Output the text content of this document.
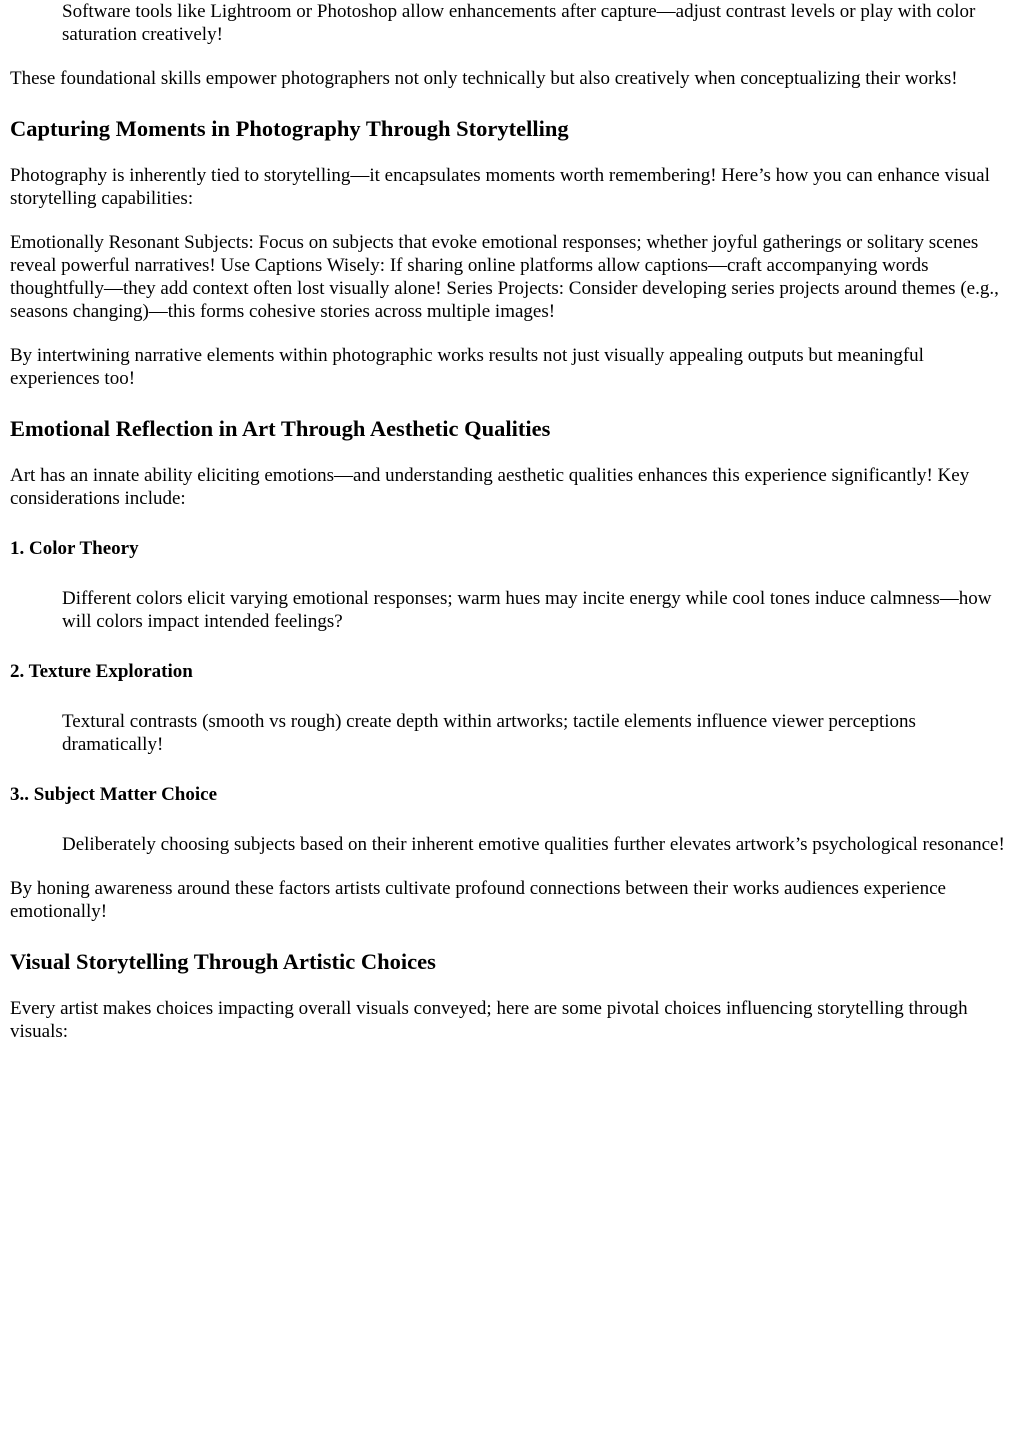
Software tools like Lightroom or Photoshop allow enhancements after capture—adjust contrast levels or play with color saturation creatively!

These foundational skills empower photographers not only technically but also creatively when conceptualizing their works!

Capturing Moments in Photography Through Storytelling

Photography is inherently tied to storytelling—it encapsulates moments worth remembering! Here’s how you can enhance visual storytelling capabilities:

Emotionally Resonant Subjects: Focus on subjects that evoke emotional responses; whether joyful gatherings or solitary scenes reveal powerful narratives! Use Captions Wisely: If sharing online platforms allow captions—craft accompanying words thoughtfully—they add context often lost visually alone! Series Projects: Consider developing series projects around themes (e.g., seasons changing)—this forms cohesive stories across multiple images!

By intertwining narrative elements within photographic works results not just visually appealing outputs but meaningful experiences too!

Emotional Reflection in Art Through Aesthetic Qualities

Art has an innate ability eliciting emotions—and understanding aesthetic qualities enhances this experience significantly! Key considerations include:

1. Color Theory

Different colors elicit varying emotional responses; warm hues may incite energy while cool tones induce calmness—how will colors impact intended feelings?

2. Texture Exploration

Textural contrasts (smooth vs rough) create depth within artworks; tactile elements influence viewer perceptions dramatically!

3.. Subject Matter Choice

Deliberately choosing subjects based on their inherent emotive qualities further elevates artwork’s psychological resonance!

By honing awareness around these factors artists cultivate profound connections between their works audiences experience emotionally!

Visual Storytelling Through Artistic Choices

Every artist makes choices impacting overall visuals conveyed; here are some pivotal choices influencing storytelling through visuals:
